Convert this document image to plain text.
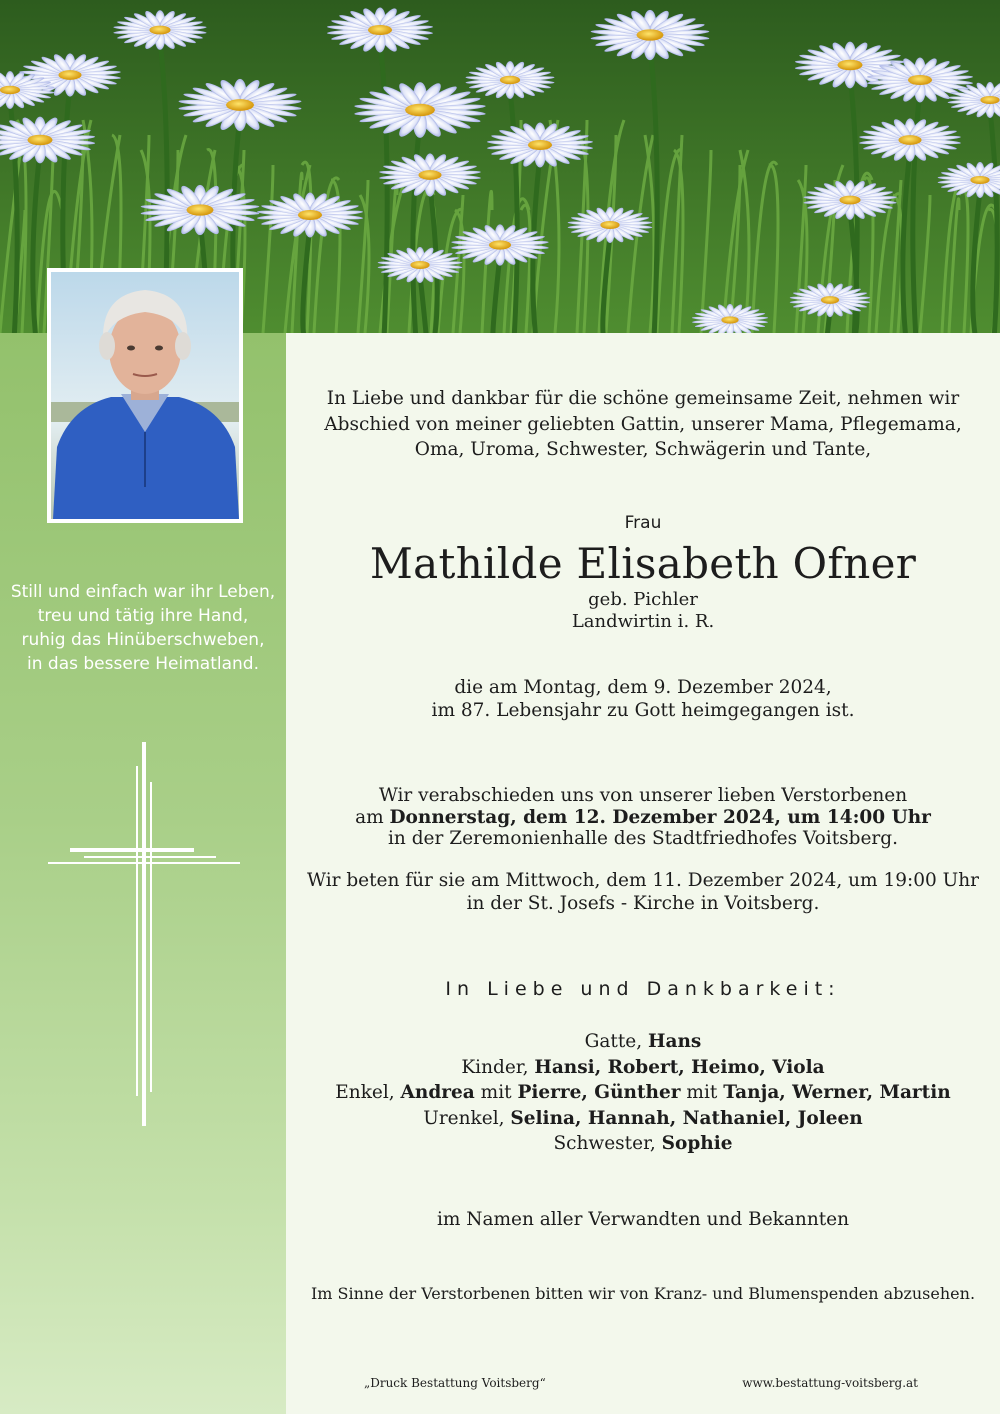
Still und einfach war ihr Leben,
treu und tätig ihre Hand,
ruhig das Hinüberschweben,
in das bessere Heimatland.
In Liebe und dankbar für die schöne gemeinsame Zeit, nehmen wir
Abschied von meiner geliebten Gattin, unserer Mama, Pflegemama,
Oma, Uroma, Schwester, Schwägerin und Tante,
Frau
Mathilde Elisabeth Ofner
geb. Pichler
Landwirtin i. R.
die am Montag, dem 9. Dezember 2024,
im 87. Lebensjahr zu Gott heimgegangen ist.
Wir verabschieden uns von unserer lieben Verstorbenen
am Donnerstag, dem 12. Dezember 2024, um 14:00 Uhr
in der Zeremonienhalle des Stadtfriedhofes Voitsberg.
Wir beten für sie am Mittwoch, dem 11. Dezember 2024, um 19:00 Uhr
in der St. Josefs - Kirche in Voitsberg.
In Liebe und Dankbarkeit:
Gatte, Hans
Kinder, Hansi, Robert, Heimo, Viola
Enkel, Andrea mit Pierre, Günther mit Tanja, Werner, Martin
Urenkel, Selina, Hannah, Nathaniel, Joleen
Schwester, Sophie
im Namen aller Verwandten und Bekannten
Im Sinne der Verstorbenen bitten wir von Kranz- und Blumenspenden abzusehen.
„Druck Bestattung Voitsberg“	www.bestattung-voitsberg.at
